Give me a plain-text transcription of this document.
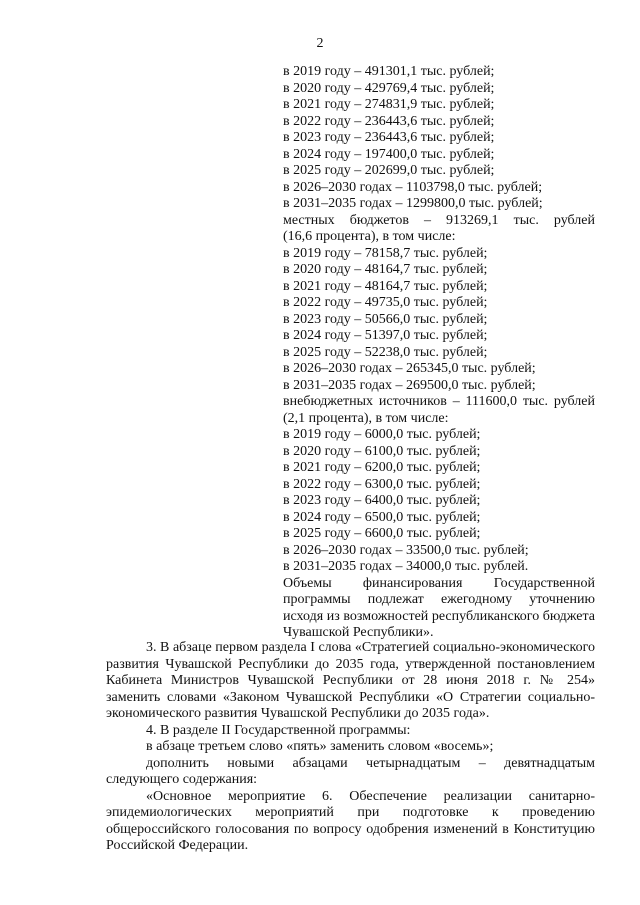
2
в 2019 году – 491301,1 тыс. рублей;
в 2020 году – 429769,4 тыс. рублей;
в 2021 году – 274831,9 тыс. рублей;
в 2022 году – 236443,6 тыс. рублей;
в 2023 году – 236443,6 тыс. рублей;
в 2024 году – 197400,0 тыс. рублей;
в 2025 году – 202699,0 тыс. рублей;
в 2026–2030 годах – 1103798,0 тыс. рублей;
в 2031–2035 годах – 1299800,0 тыс. рублей;
местных бюджетов – 913269,1 тыс. рублей
(16,6 процента), в том числе:
в 2019 году – 78158,7 тыс. рублей;
в 2020 году – 48164,7 тыс. рублей;
в 2021 году – 48164,7 тыс. рублей;
в 2022 году – 49735,0 тыс. рублей;
в 2023 году – 50566,0 тыс. рублей;
в 2024 году – 51397,0 тыс. рублей;
в 2025 году – 52238,0 тыс. рублей;
в 2026–2030 годах – 265345,0 тыс. рублей;
в 2031–2035 годах – 269500,0 тыс. рублей;
внебюджетных источников – 111600,0 тыс. рублей
(2,1 процента), в том числе:
в 2019 году – 6000,0 тыс. рублей;
в 2020 году – 6100,0 тыс. рублей;
в 2021 году – 6200,0 тыс. рублей;
в 2022 году – 6300,0 тыс. рублей;
в 2023 году – 6400,0 тыс. рублей;
в 2024 году – 6500,0 тыс. рублей;
в 2025 году – 6600,0 тыс. рублей;
в 2026–2030 годах – 33500,0 тыс. рублей;
в 2031–2035 годах – 34000,0 тыс. рублей.
Объемы финансирования Государственной программы подлежат ежегодному уточнению исходя из возможностей республиканского бюджета Чувашской Республики».

3. В абзаце первом раздела I слова «Стратегией социально-экономического развития Чувашской Республики до 2035 года, утвержденной постановлением Кабинета Министров Чувашской Республики от 28 июня 2018 г. № 254» заменить словами «Законом Чувашской Республики «О Стратегии социально-экономического развития Чувашской Республики до 2035 года».

4. В разделе II Государственной программы:

в абзаце третьем слово «пять» заменить словом «восемь»;

дополнить новыми абзацами четырнадцатым – девятнадцатым следующего содержания:

«Основное мероприятие 6. Обеспечение реализации санитарно-эпидемиологических мероприятий при подготовке к проведению общероссийского голосования по вопросу одобрения изменений в Конституцию Российской Федерации.
